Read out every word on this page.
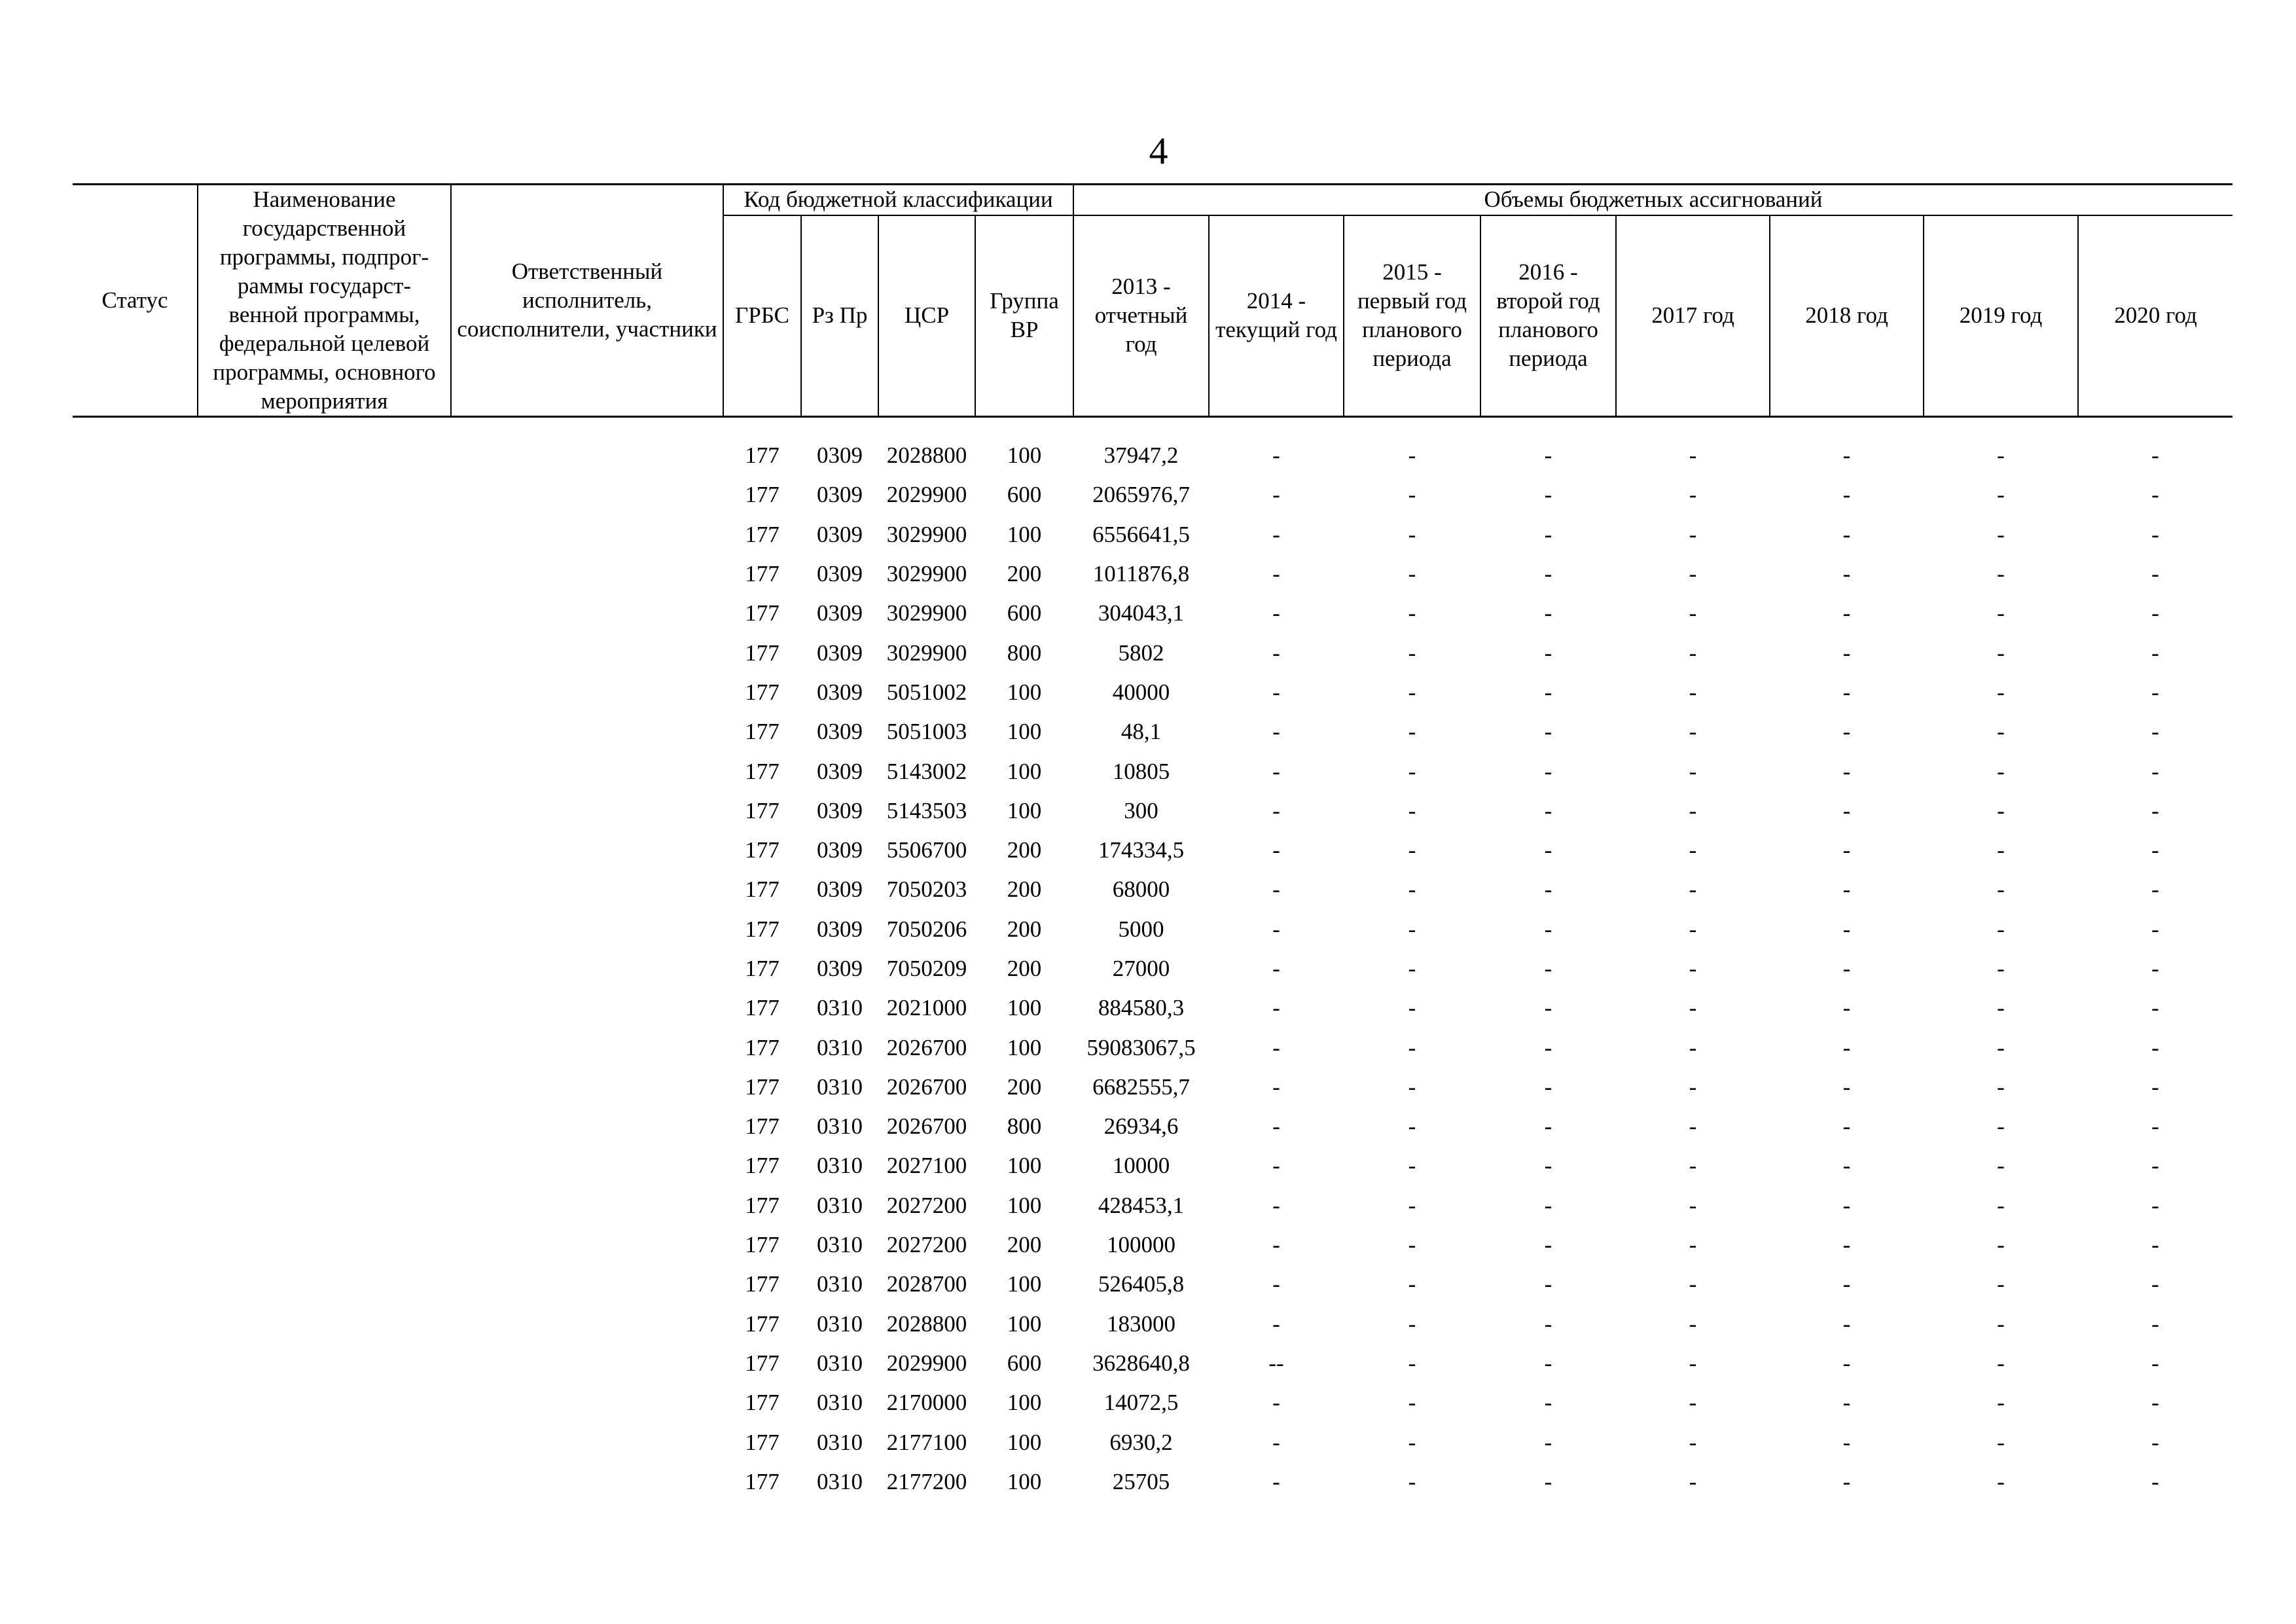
4
Статус	Наименование государственной программы, подпрог- раммы государст- венной программы, федеральной целевой программы, основного мероприятия	Ответственный исполнитель, соисполнители, участники	Код бюджетной классификации				Объемы бюджетных ассигнований							
			ГРБС	Рз Пр	ЦСР	Группа ВР	2013 - отчетный год	2014 - текущий год	2015 - первый год планового периода	2016 - второй год планового периода	2017 год	2018 год	2019 год	2020 год
			177	0309	2028800	100	37947,2	-	-	-	-	-	-	-
			177	0309	2029900	600	2065976,7	-	-	-	-	-	-	-
			177	0309	3029900	100	6556641,5	-	-	-	-	-	-	-
			177	0309	3029900	200	1011876,8	-	-	-	-	-	-	-
			177	0309	3029900	600	304043,1	-	-	-	-	-	-	-
			177	0309	3029900	800	5802	-	-	-	-	-	-	-
			177	0309	5051002	100	40000	-	-	-	-	-	-	-
			177	0309	5051003	100	48,1	-	-	-	-	-	-	-
			177	0309	5143002	100	10805	-	-	-	-	-	-	-
			177	0309	5143503	100	300	-	-	-	-	-	-	-
			177	0309	5506700	200	174334,5	-	-	-	-	-	-	-
			177	0309	7050203	200	68000	-	-	-	-	-	-	-
			177	0309	7050206	200	5000	-	-	-	-	-	-	-
			177	0309	7050209	200	27000	-	-	-	-	-	-	-
			177	0310	2021000	100	884580,3	-	-	-	-	-	-	-
			177	0310	2026700	100	59083067,5	-	-	-	-	-	-	-
			177	0310	2026700	200	6682555,7	-	-	-	-	-	-	-
			177	0310	2026700	800	26934,6	-	-	-	-	-	-	-
			177	0310	2027100	100	10000	-	-	-	-	-	-	-
			177	0310	2027200	100	428453,1	-	-	-	-	-	-	-
			177	0310	2027200	200	100000	-	-	-	-	-	-	-
			177	0310	2028700	100	526405,8	-	-	-	-	-	-	-
			177	0310	2028800	100	183000	-	-	-	-	-	-	-
			177	0310	2029900	600	3628640,8	--	-	-	-	-	-	-
			177	0310	2170000	100	14072,5	-	-	-	-	-	-	-
			177	0310	2177100	100	6930,2	-	-	-	-	-	-	-
			177	0310	2177200	100	25705	-	-	-	-	-	-	-
